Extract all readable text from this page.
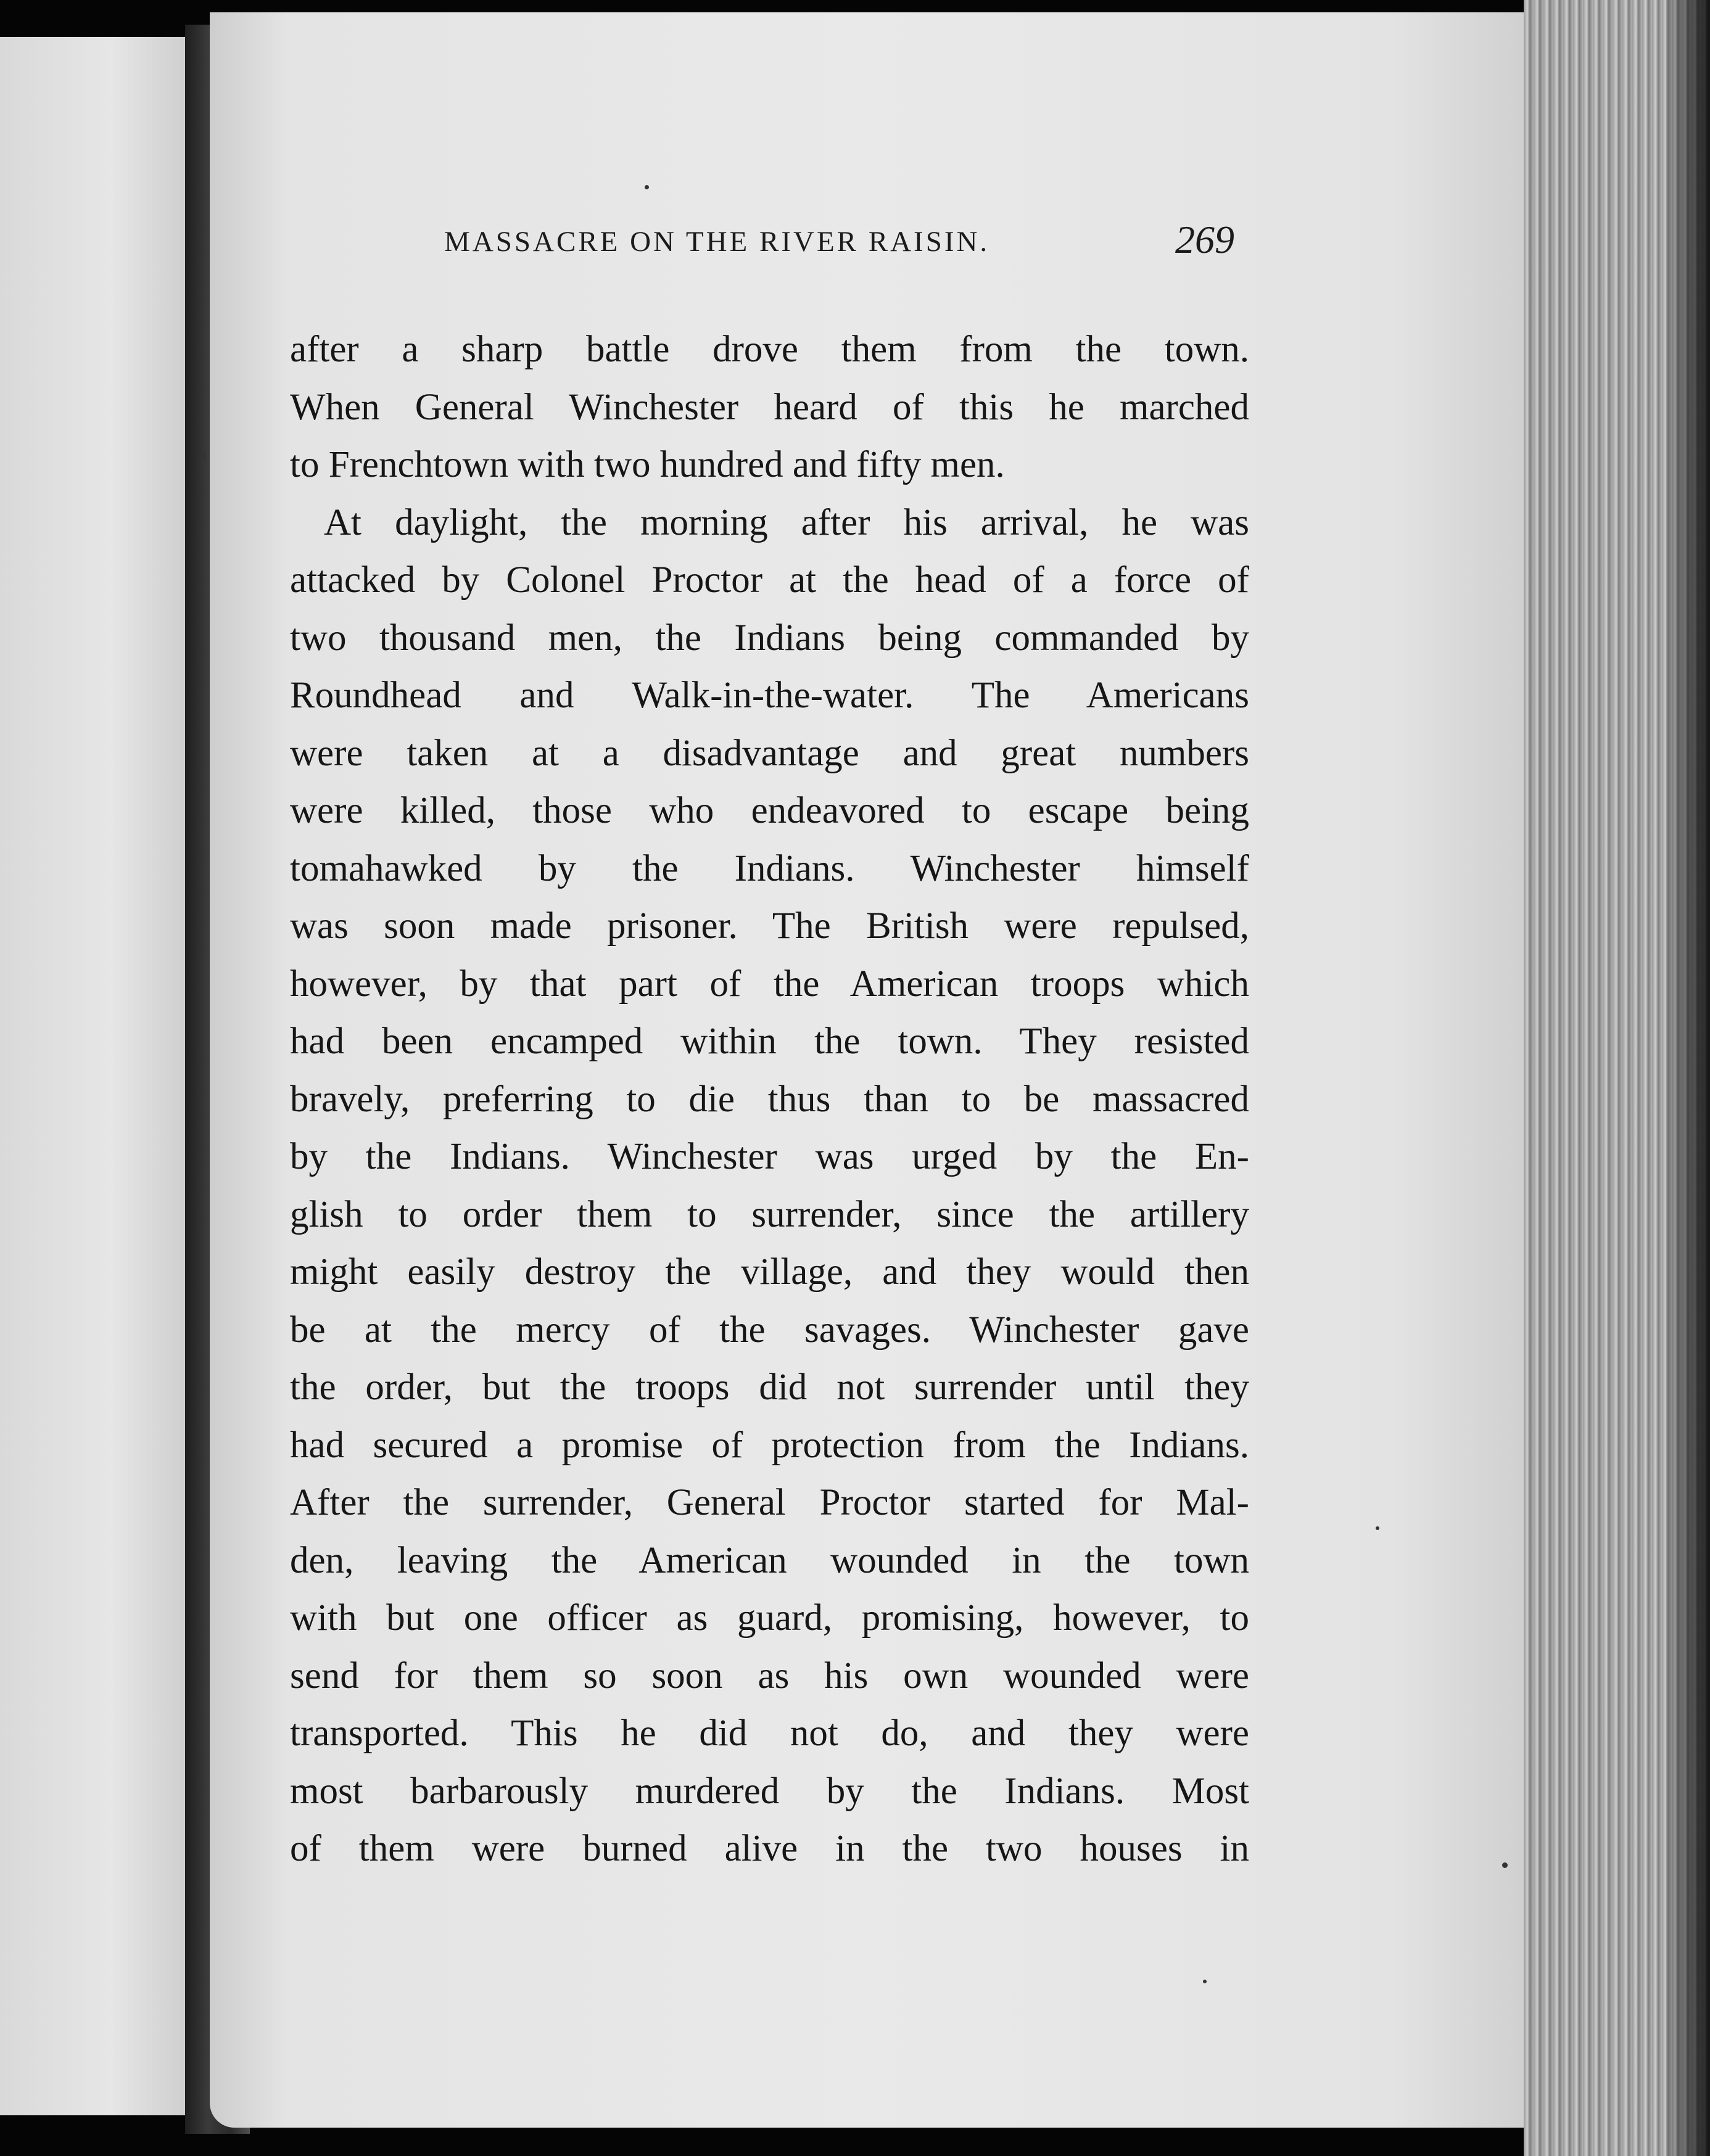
MASSACRE ON THE RIVER RAISIN.	269
after a sharp battle drove them from the town.
When General Winchester heard of this he marched
to Frenchtown with two hundred and fifty men.
At daylight, the morning after his arrival, he was
attacked by Colonel Proctor at the head of a force of
two thousand men, the Indians being commanded by
Roundhead and Walk-in-the-water. The Americans
were taken at a disadvantage and great numbers
were killed, those who endeavored to escape being
tomahawked by the Indians. Winchester himself
was soon made prisoner. The British were repulsed,
however, by that part of the American troops which
had been encamped within the town. They resisted
bravely, preferring to die thus than to be massacred
by the Indians. Winchester was urged by the En-
glish to order them to surrender, since the artillery
might easily destroy the village, and they would then
be at the mercy of the savages. Winchester gave
the order, but the troops did not surrender until they
had secured a promise of protection from the Indians.
After the surrender, General Proctor started for Mal-
den, leaving the American wounded in the town
with but one officer as guard, promising, however, to
send for them so soon as his own wounded were
transported. This he did not do, and they were
most barbarously murdered by the Indians. Most
of them were burned alive in the two houses in
